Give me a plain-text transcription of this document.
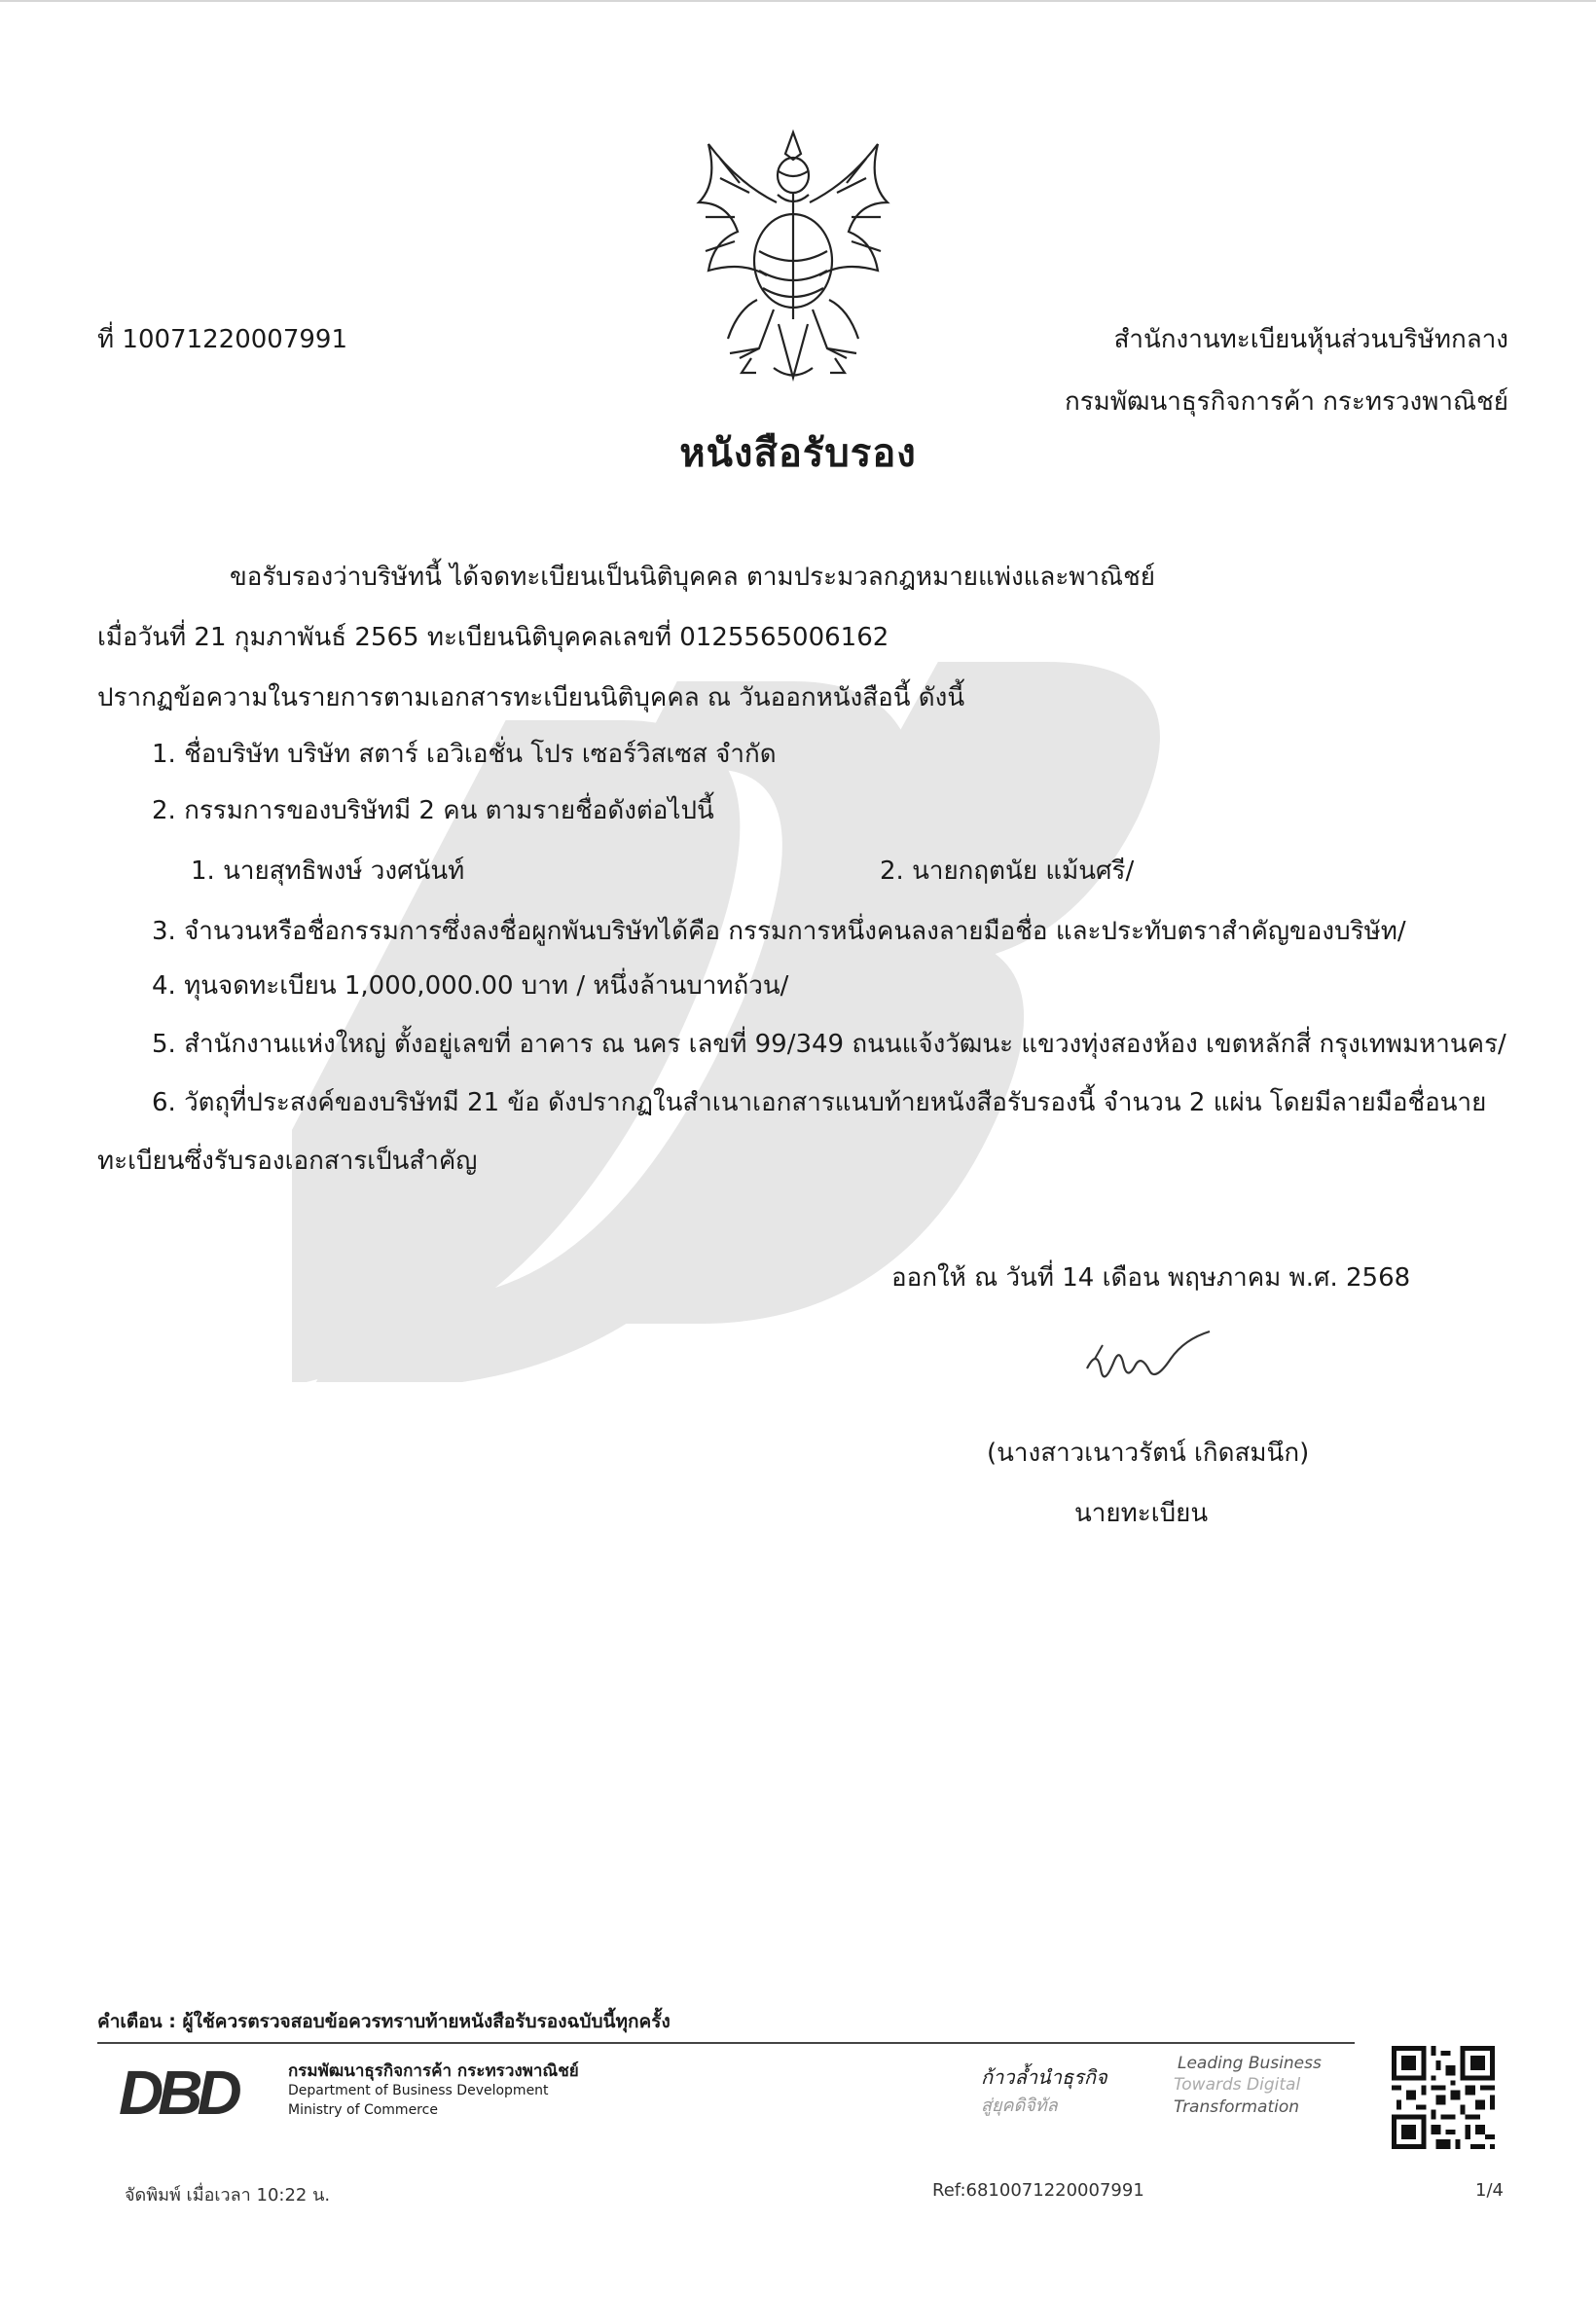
ที่ 10071220007991	สำนักงานทะเบียนหุ้นส่วนบริษัทกลาง
กรมพัฒนาธุรกิจการค้า กระทรวงพาณิชย์
หนังสือรับรอง
ขอรับรองว่าบริษัทนี้ ได้จดทะเบียนเป็นนิติบุคคล ตามประมวลกฎหมายแพ่งและพาณิชย์
เมื่อวันที่ 21 กุมภาพันธ์ 2565 ทะเบียนนิติบุคคลเลขที่ 0125565006162
ปรากฏข้อความในรายการตามเอกสารทะเบียนนิติบุคคล ณ วันออกหนังสือนี้ ดังนี้
1. ชื่อบริษัท บริษัท สตาร์ เอวิเอชั่น โปร เซอร์วิสเซส จำกัด
2. กรรมการของบริษัทมี 2 คน ตามรายชื่อดังต่อไปนี้
1. นายสุทธิพงษ์ วงศนันท์	2. นายกฤตนัย แม้นศรี/
3. จำนวนหรือชื่อกรรมการซึ่งลงชื่อผูกพันบริษัทได้คือ กรรมการหนึ่งคนลงลายมือชื่อ และประทับตราสำคัญของบริษัท/
4. ทุนจดทะเบียน 1,000,000.00 บาท / หนึ่งล้านบาทถ้วน/
5. สำนักงานแห่งใหญ่ ตั้งอยู่เลขที่ อาคาร ณ นคร เลขที่ 99/349 ถนนแจ้งวัฒนะ แขวงทุ่งสองห้อง เขตหลักสี่ กรุงเทพมหานคร/
6. วัตถุที่ประสงค์ของบริษัทมี 21 ข้อ ดังปรากฏในสำเนาเอกสารแนบท้ายหนังสือรับรองนี้ จำนวน 2 แผ่น โดยมีลายมือชื่อนาย
ทะเบียนซึ่งรับรองเอกสารเป็นสำคัญ
ออกให้ ณ วันที่ 14 เดือน พฤษภาคม พ.ศ. 2568
(นางสาวเนาวรัตน์ เกิดสมนึก)
นายทะเบียน
คำเตือน : ผู้ใช้ควรตรวจสอบข้อควรทราบท้ายหนังสือรับรองฉบับนี้ทุกครั้ง
DBD	กรมพัฒนาธุรกิจการค้า กระทรวงพาณิชย์
Department of Business Development
Ministry of Commerce
ก้าวล้ำนำธุรกิจ
สู่ยุคดิจิทัล
Leading Business
Towards Digital
Transformation
จัดพิมพ์ เมื่อเวลา 10:22 น.	Ref:6810071220007991	1/4
